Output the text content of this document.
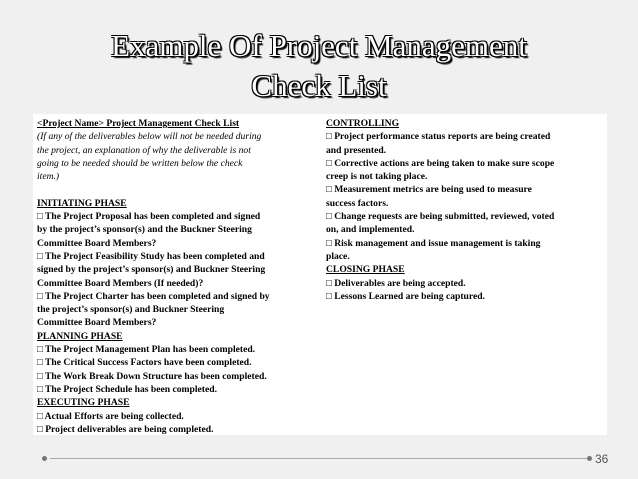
Example Of Project Management
Check List
<Project Name> Project Management Check List
(If any of the deliverables below will not be needed during
the project, an explanation of why the deliverable is not
going to be needed should be written below the check
item.)
INITIATING PHASE
□ The Project Proposal has been completed and signed
by the project’s sponsor(s) and the Buckner Steering
Committee Board Members?
□ The Project Feasibility Study has been completed and
signed by the project’s sponsor(s) and Buckner Steering
Committee Board Members (If needed)?
□ The Project Charter has been completed and signed by
the project’s sponsor(s) and Buckner Steering
Committee Board Members?
PLANNING PHASE
□ The Project Management Plan has been completed.
□ The Critical Success Factors have been completed.
□ The Work Break Down Structure has been completed.
□ The Project Schedule has been completed.
EXECUTING PHASE
□ Actual Efforts are being collected.
□ Project deliverables are being completed.
CONTROLLING
□ Project performance status reports are being created
and presented.
□ Corrective actions are being taken to make sure scope
creep is not taking place.
□ Measurement metrics are being used to measure
success factors.
□ Change requests are being submitted, reviewed, voted
on, and implemented.
□ Risk management and issue management is taking
place.
CLOSING PHASE
□ Deliverables are being accepted.
□ Lessons Learned are being captured.
36
